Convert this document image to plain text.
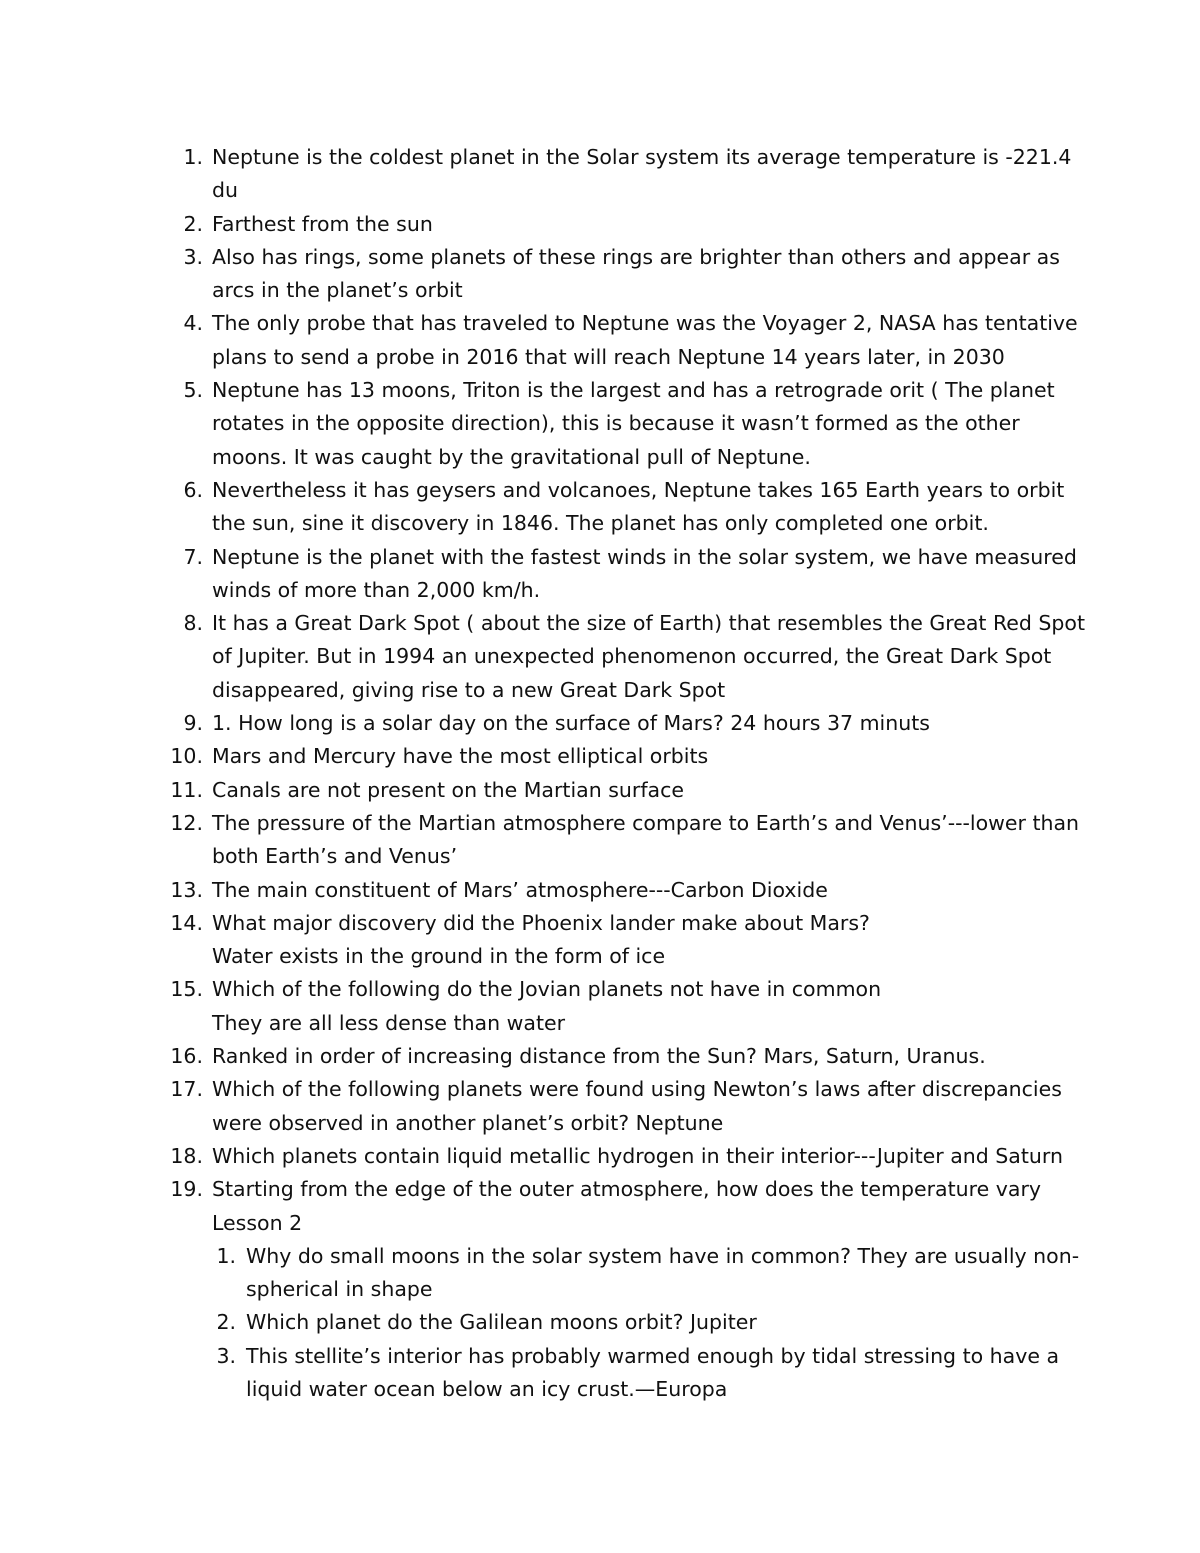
1. Neptune is the coldest planet in the Solar system its average temperature is -221.4
du
2. Farthest from the sun
3. Also has rings, some planets of these rings are brighter than others and appear as
arcs in the planet’s orbit
4. The only probe that has traveled to Neptune was the Voyager 2, NASA has tentative
plans to send a probe in 2016 that will reach Neptune 14 years later, in 2030
5. Neptune has 13 moons, Triton is the largest and has a retrograde orit ( The planet
rotates in the opposite direction), this is because it wasn’t formed as the other
moons. It was caught by the gravitational pull of Neptune.
6. Nevertheless it has geysers and volcanoes, Neptune takes 165 Earth years to orbit
the sun, sine it discovery in 1846. The planet has only completed one orbit.
7. Neptune is the planet with the fastest winds in the solar system, we have measured
winds of more than 2,000 km/h.
8. It has a Great Dark Spot ( about the size of Earth) that resembles the Great Red Spot
of Jupiter. But in 1994 an unexpected phenomenon occurred, the Great Dark Spot
disappeared, giving rise to a new Great Dark Spot
9. 1. How long is a solar day on the surface of Mars? 24 hours 37 minuts
10. Mars and Mercury have the most elliptical orbits
11. Canals are not present on the Martian surface
12. The pressure of the Martian atmosphere compare to Earth’s and Venus’---lower than
both Earth’s and Venus’
13. The main constituent of Mars’ atmosphere---Carbon Dioxide
14. What major discovery did the Phoenix lander make about Mars?
Water exists in the ground in the form of ice
15. Which of the following do the Jovian planets not have in common
They are all less dense than water
16. Ranked in order of increasing distance from the Sun? Mars, Saturn, Uranus.
17. Which of the following planets were found using Newton’s laws after discrepancies
were observed in another planet’s orbit? Neptune
18. Which planets contain liquid metallic hydrogen in their interior---Jupiter and Saturn
19. Starting from the edge of the outer atmosphere, how does the temperature vary
Lesson 2
1. Why do small moons in the solar system have in common? They are usually non-
spherical in shape
2. Which planet do the Galilean moons orbit? Jupiter
3. This stellite’s interior has probably warmed enough by tidal stressing to have a
liquid water ocean below an icy crust.—Europa
